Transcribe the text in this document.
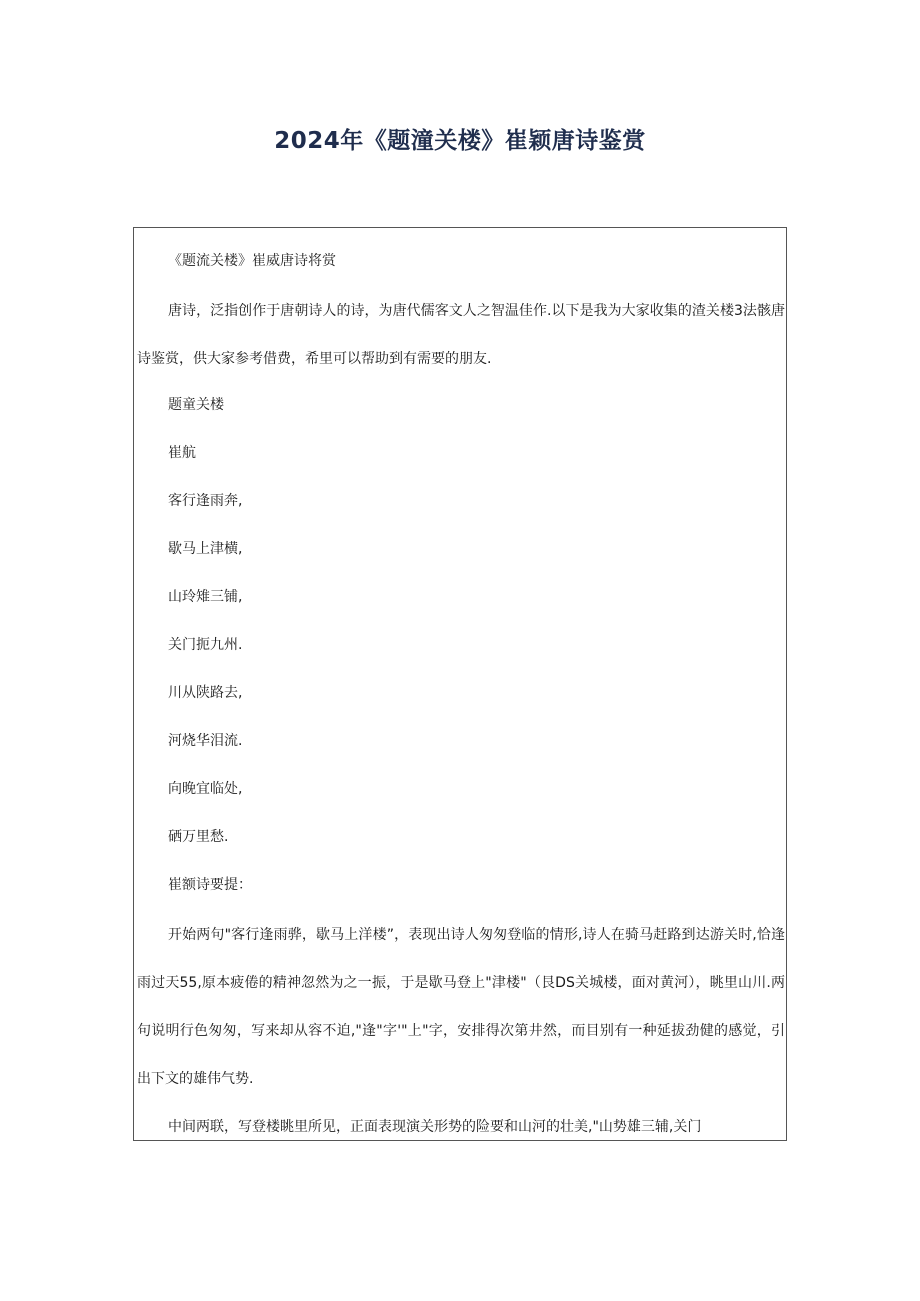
2024年《题潼关楼》崔颖唐诗鉴赏

《题流关楼》崔威唐诗将赏

唐诗，泛指创作于唐朝诗人的诗，为唐代儒客文人之智温佳作.以下是我为大家收集的渣关楼3法骸唐诗鉴赏，供大家参考借费，希里可以帮助到有需要的朋友.

题童关楼

崔航

客行逢雨奔,

歇马上津横,

山玲雉三铺,

关门扼九州.

川从陕路去,

河烧华泪流.

向晚宜临处,

硒万里愁.

崔额诗要提：

开始两句"客行逢雨骅，歇马上洋楼”，表现出诗人匆匆登临的情形,诗人在骑马赶路到达游关时,恰逢雨过天55,原本疲倦的精神忽然为之一振，于是歇马登上"津楼"（艮DS关城楼，面对黄河），眺里山川.两句说明行色匆匆，写来却从容不迫,"逢"字'"上"字，安排得次第井然，而目别有一种延拔劲健的感觉，引出下文的雄伟气势.

中间两联，写登楼眺里所见，正面表现演关形势的险要和山河的壮美,"山势雄三辅,关门
